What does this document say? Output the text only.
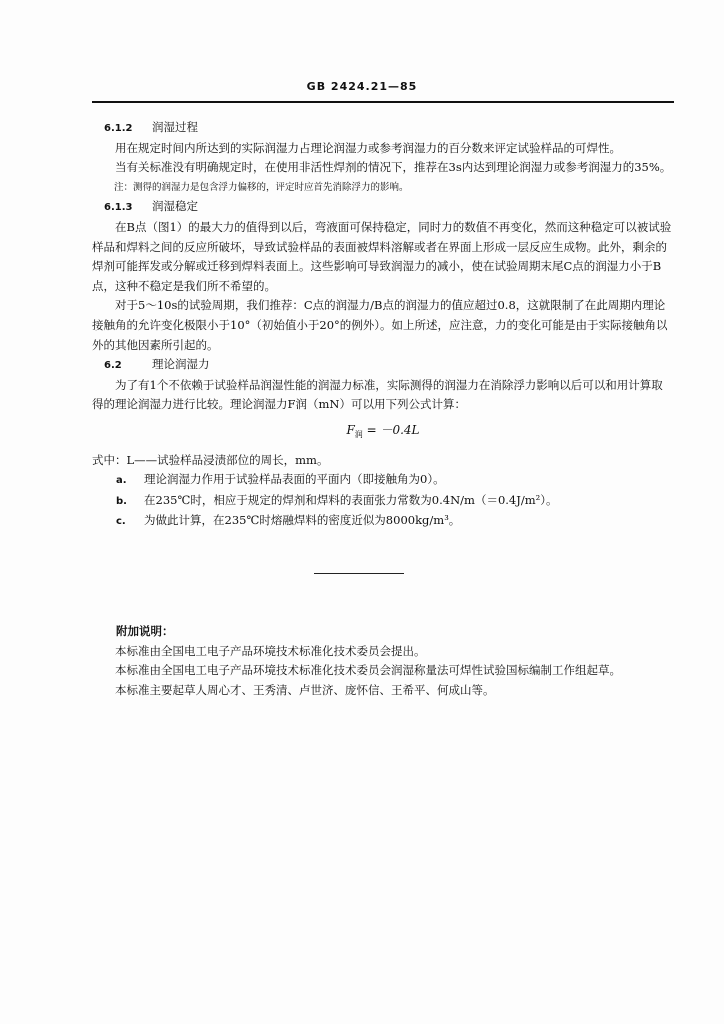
GB 2424.21—85

6.1.2 润湿过程

用在规定时间内所达到的实际润湿力占理论润湿力或参考润湿力的百分数来评定试验样品的可焊性。

当有关标准没有明确规定时，在使用非活性焊剂的情况下，推荐在3s内达到理论润湿力或参考润湿力的35%。

注：测得的润湿力是包含浮力偏移的，评定时应首先消除浮力的影响。

6.1.3 润湿稳定

在B点（图1）的最大力的值得到以后，弯液面可保持稳定，同时力的数值不再变化，然而这种稳定可以被试验样品和焊料之间的反应所破坏，导致试验样品的表面被焊料溶解或者在界面上形成一层反应生成物。此外，剩余的焊剂可能挥发或分解或迁移到焊料表面上。这些影响可导致润湿力的减小，使在试验周期末尾C点的润湿力小于B点，这种不稳定是我们所不希望的。

对于5～10s的试验周期，我们推荐：C点的润湿力/B点的润湿力的值应超过0.8，这就限制了在此周期内理论接触角的允许变化极限小于10°（初始值小于20°的例外）。如上所述，应注意，力的变化可能是由于实际接触角以外的其他因素所引起的。

6.2	理论润湿力

为了有1个不依赖于试验样品润湿性能的润湿力标准，实际测得的润湿力在消除浮力影响以后可以和用计算取得的理论润湿力进行比较。理论润湿力F润（mN）可以用下列公式计算：

$F_润 = -0.4L$

式中：L——试验样品浸渍部位的周长，mm。

a. 理论润湿力作用于试验样品表面的平面内（即接触角为0）。

b. 在235℃时，相应于规定的焊剂和焊料的表面张力常数为0.4N/m（＝0.4J/m²）。

c. 为做此计算，在235℃时熔融焊料的密度近似为8000kg/m³。

附加说明：

本标准由全国电工电子产品环境技术标准化技术委员会提出。

本标准由全国电工电子产品环境技术标准化技术委员会润湿称量法可焊性试验国标编制工作组起草。

本标准主要起草人周心才、王秀清、卢世济、庞怀信、王希平、何成山等。
